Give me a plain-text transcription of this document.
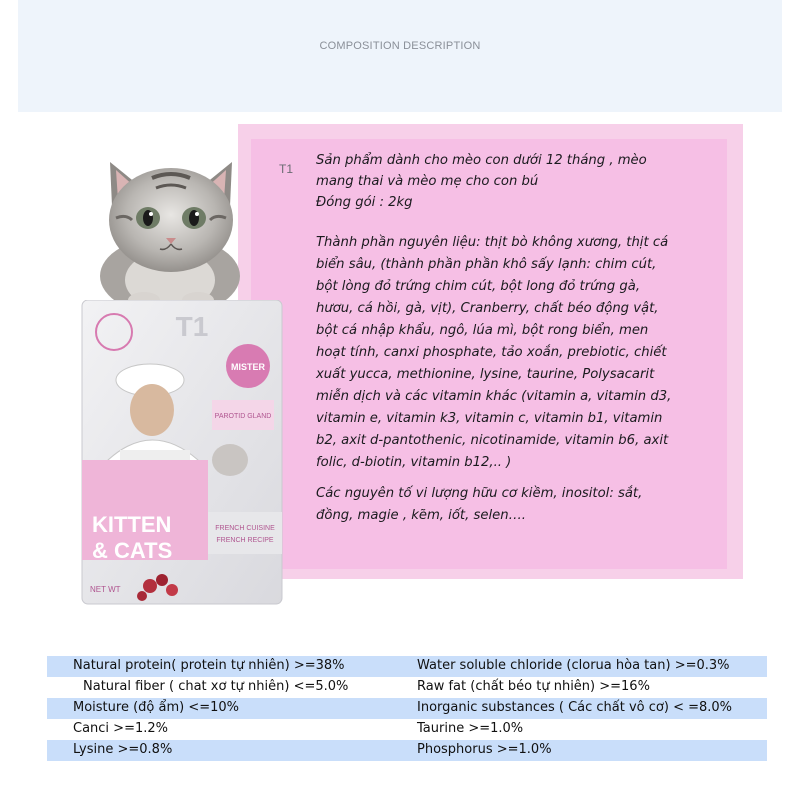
COMPOSITION DESCRIPTION
T1

Sản phẩm dành cho mèo con dưới 12 tháng , mèo

mang thai và mèo mẹ cho con bú

Đóng gói : 2kg

Thành phần nguyên liệu: thịt bò không xương, thịt cá

biển sâu, (thành phần phần khô sấy lạnh: chim cút,

bột lòng đỏ trứng chim cút, bột long đỏ trứng gà,

hươu, cá hồi, gà, vịt), Cranberry, chất béo động vật,

bột cá nhập khẩu, ngô, lúa mì, bột rong biển, men

hoạt tính, canxi phosphate, tảo xoắn, prebiotic, chiết

xuất yucca, methionine, lysine, taurine, Polysacarit

miễn dịch và các vitamin khác (vitamin a, vitamin d3,

vitamin e, vitamin k3, vitamin c, vitamin b1, vitamin

b2, axit d-pantothenic, nicotinamide, vitamin b6, axit

folic, d-biotin, vitamin b12,.. )

Các nguyên tố vi lượng hữu cơ kiềm, inositol: sắt,

đồng, magie , kẽm, iốt, selen….

T1
MISTER
PAROTID GLAND
KITTEN
& CATS
FRENCH CUISINE
FRENCH RECIPE
NET WT
Natural protein( protein tự nhiên) >=38%	Water soluble chloride (clorua hòa tan) >=0.3%
Natural fiber ( chat xơ tự nhiên) <=5.0%	Raw fat (chất béo tự nhiên) >=16%
Moisture (độ ẩm) <=10%	Inorganic substances ( Các chất vô cơ) < =8.0%
Canci >=1.2%	Taurine >=1.0%
Lysine >=0.8%	Phosphorus >=1.0%
